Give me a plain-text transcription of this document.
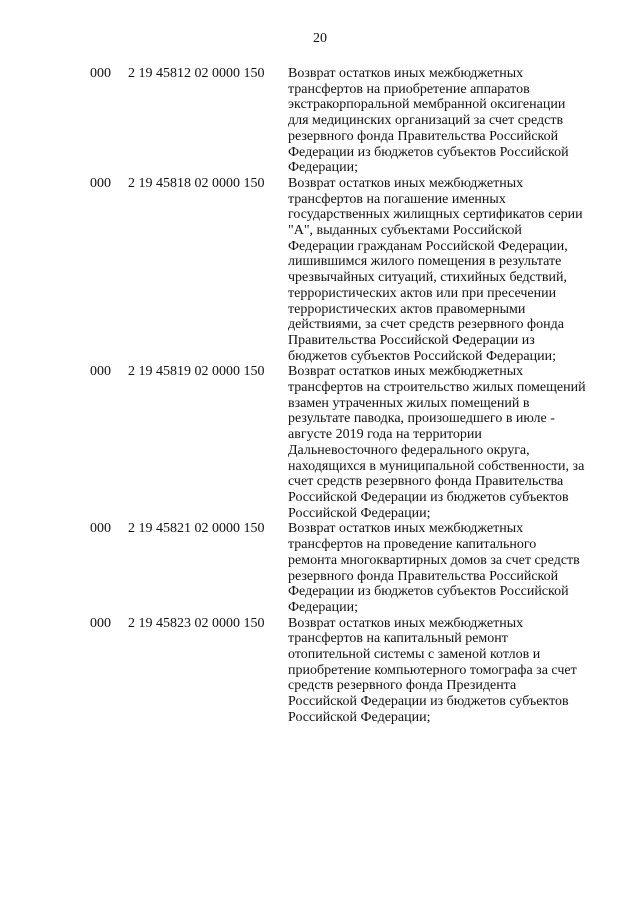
20
000 2 19 45812 02 0000 150 Возврат остатков иных межбюджетных
трансфертов на приобретение аппаратов
экстракорпоральной мембранной оксигенации
для медицинских организаций за счет средств
резервного фонда Правительства Российской
Федерации из бюджетов субъектов Российской
Федерации;
000 2 19 45818 02 0000 150 Возврат остатков иных межбюджетных
трансфертов на погашение именных
государственных жилищных сертификатов серии
"А", выданных субъектами Российской
Федерации гражданам Российской Федерации,
лишившимся жилого помещения в результате
чрезвычайных ситуаций, стихийных бедствий,
террористических актов или при пресечении
террористических актов правомерными
действиями, за счет средств резервного фонда
Правительства Российской Федерации из
бюджетов субъектов Российской Федерации;
000 2 19 45819 02 0000 150 Возврат остатков иных межбюджетных
трансфертов на строительство жилых помещений
взамен утраченных жилых помещений в
результате паводка, произошедшего в июле -
августе 2019 года на территории
Дальневосточного федерального округа,
находящихся в муниципальной собственности, за
счет средств резервного фонда Правительства
Российской Федерации из бюджетов субъектов
Российской Федерации;
000 2 19 45821 02 0000 150 Возврат остатков иных межбюджетных
трансфертов на проведение капитального
ремонта многоквартирных домов за счет средств
резервного фонда Правительства Российской
Федерации из бюджетов субъектов Российской
Федерации;
000 2 19 45823 02 0000 150 Возврат остатков иных межбюджетных
трансфертов на капитальный ремонт
отопительной системы с заменой котлов и
приобретение компьютерного томографа за счет
средств резервного фонда Президента
Российской Федерации из бюджетов субъектов
Российской Федерации;
